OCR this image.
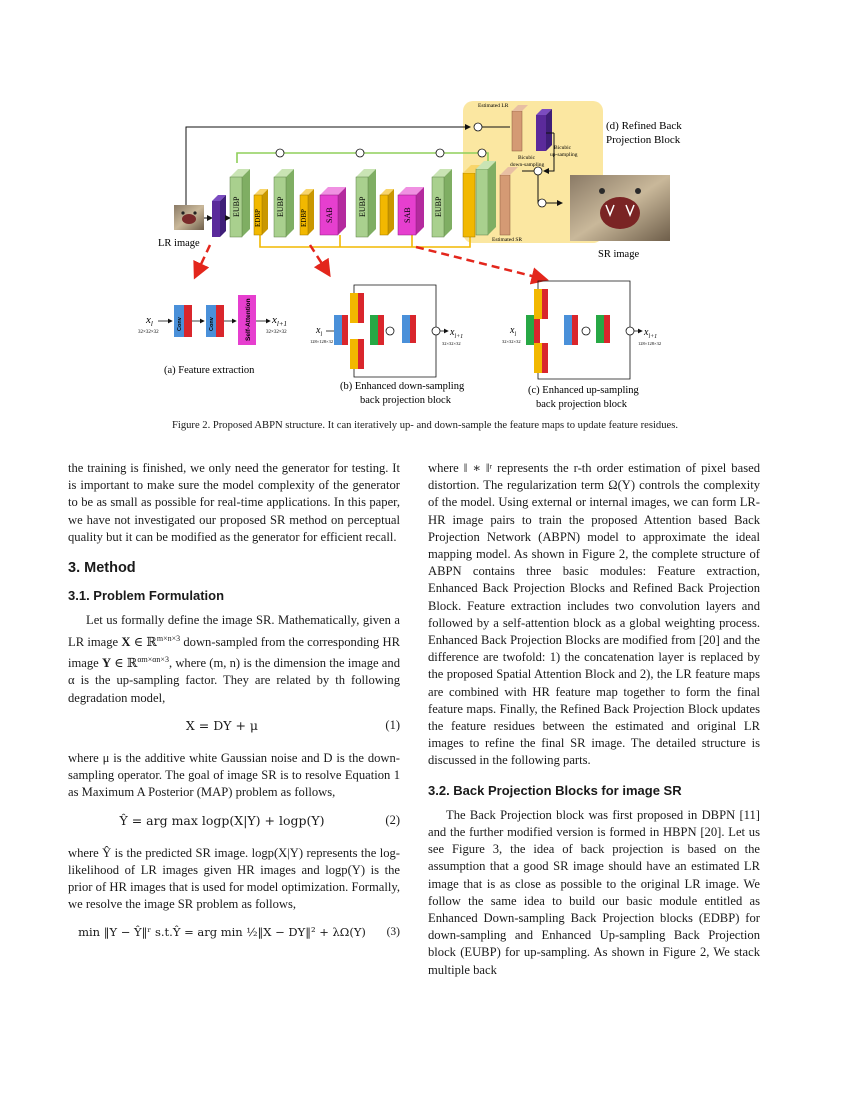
LR image
EUBP
EDBP
EUBP
EDBP SAB	EUBP	SAB	EUBP
Estimated LR
Bicubic
down-sampling
Bicubic
up-sampling
Estimated SR
(d) Refined Back
Projection Block
SR image
$x_l$
32×32×32	Self-Attention
Conv	Conv	$x_{l+1}$
32×32×32
(a) Feature extraction
$x_l$
128×128×32
$x_{l+1}$
32×32×32
(b) Enhanced down-sampling
back projection block
$x_l$
32×32×32
$x_{l+1}$
128×128×32
(c) Enhanced up-sampling
back projection block
Figure 2. Proposed ABPN structure. It can iteratively up- and down-sample the feature maps to update feature residues.

the training is finished, we only need the generator for testing. It is important to make sure the model complexity of the generator to be as small as possible for real-time applications. In this paper, we have not investigated our proposed SR method on perceptual quality but it can be modified as the generator for efficient recall.

3. Method
3.1. Problem Formulation

Let us formally define the image SR. Mathematically, given a LR image X ∈ ℝ$^{m\times n\times 3}$ down-sampled from the corresponding HR image Y ∈ ℝ$^{\alpha m\times\alpha n\times 3}$, where (m, n) is the dimension the image and α is the up-sampling factor. They are related by th following degradation model,

X = DY + μ	(1)

where μ is the additive white Gaussian noise and D is the down-sampling operator. The goal of image SR is to resolve Equation 1 as Maximum A Posterior (MAP) problem as follows,

Ŷ = arg max logp(X|Y) + logp(Y)	(2)

where Ŷ is the predicted SR image. logp(X|Y) represents the log-likelihood of LR images given HR images and logp(Y) is the prior of HR images that is used for model optimization. Formally, we resolve the image SR problem as follows,

min ‖Y − Ŷ‖ʳ s.t.Ŷ = arg min ½‖X − DY‖² + λΩ(Y)	(3)

where ‖ ∗ ‖ʳ represents the r-th order estimation of pixel based distortion. The regularization term Ω(Y) controls the complexity of the model. Using external or internal images, we can form LR-HR image pairs to train the proposed Attention based Back Projection Network (ABPN) model to approximate the ideal mapping model. As shown in Figure 2, the complete structure of ABPN contains three basic modules: Feature extraction, Enhanced Back Projection Blocks and Refined Back Projection Block. Feature extraction includes two convolution layers and followed by a self-attention block as a global weighting process. Enhanced Back Projection Blocks are modified from [20] and the difference are twofold: 1) the concatenation layer is replaced by the proposed Spatial Attention Block and 2), the LR feature maps are combined with HR feature map together to form the final feature maps. Finally, the Refined Back Projection Block updates the feature residues between the estimated and original LR images to refine the final SR image. The detailed structure is discussed in the following parts.

3.2. Back Projection Blocks for image SR

The Back Projection block was first proposed in DBPN [11] and the further modified version is formed in HBPN [20]. Let us see Figure 3, the idea of back projection is based on the assumption that a good SR image should have an estimated LR image that is as close as possible to the original LR image. We follow the same idea to build our basic module entitled as Enhanced Down-sampling Back Projection blocks (EDBP) for down-sampling and Enhanced Up-sampling Back Projection block (EUBP) for up-sampling. As shown in Figure 2, We stack multiple back
